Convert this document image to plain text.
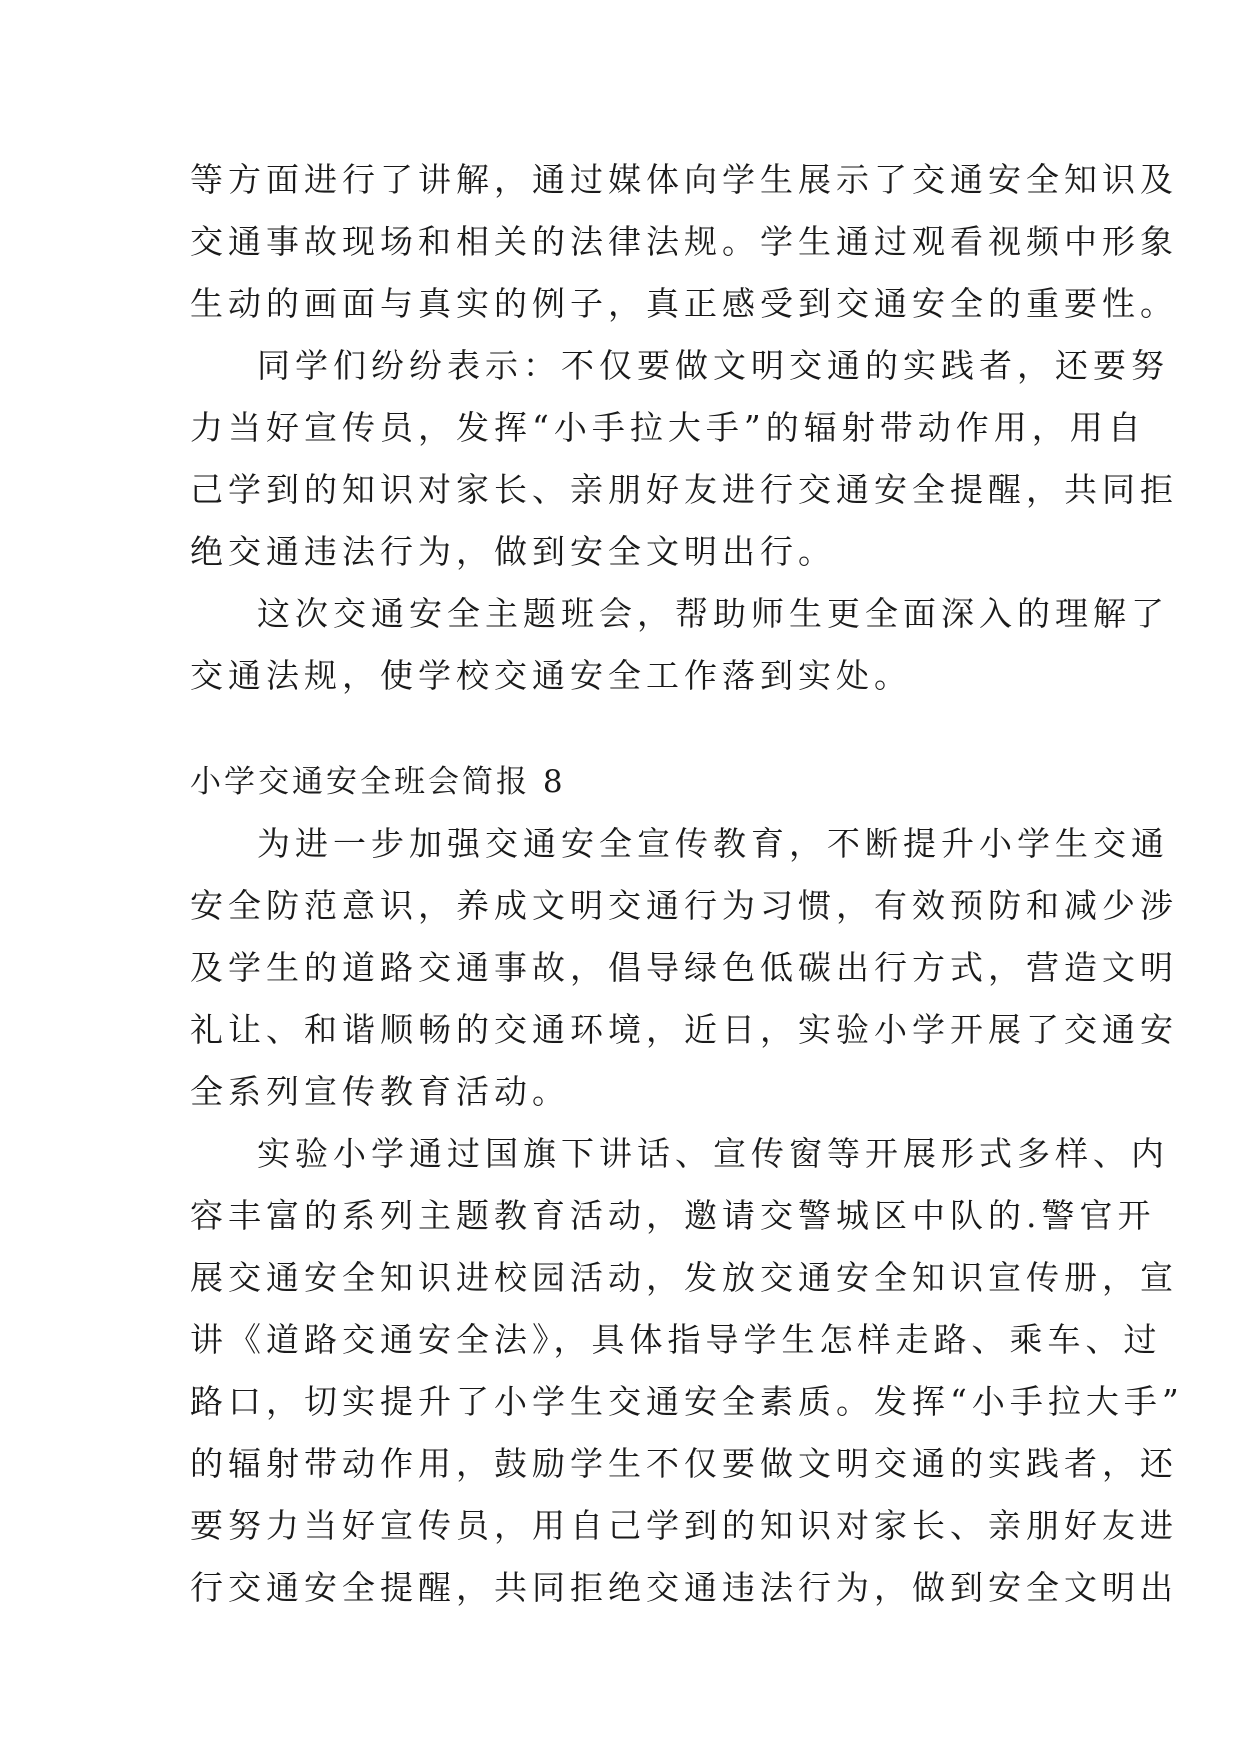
等方面进行了讲解，通过媒体向学生展示了交通安全知识及
交通事故现场和相关的法律法规。学生通过观看视频中形象
生动的画面与真实的例子，真正感受到交通安全的重要性。
同学们纷纷表示：不仅要做文明交通的实践者，还要努
力当好宣传员，发挥“小手拉大手”的辐射带动作用，用自
己学到的知识对家长、亲朋好友进行交通安全提醒，共同拒
绝交通违法行为，做到安全文明出行。
这次交通安全主题班会，帮助师生更全面深入的理解了
交通法规，使学校交通安全工作落到实处。
小学交通安全班会简报 8
为进一步加强交通安全宣传教育，不断提升小学生交通
安全防范意识，养成文明交通行为习惯，有效预防和减少涉
及学生的道路交通事故，倡导绿色低碳出行方式，营造文明
礼让、和谐顺畅的交通环境，近日，实验小学开展了交通安
全系列宣传教育活动。
实验小学通过国旗下讲话、宣传窗等开展形式多样、内
容丰富的系列主题教育活动，邀请交警城区中队的.警官开
展交通安全知识进校园活动，发放交通安全知识宣传册，宣
讲《道路交通安全法》，具体指导学生怎样走路、乘车、过
路口，切实提升了小学生交通安全素质。发挥“小手拉大手”
的辐射带动作用，鼓励学生不仅要做文明交通的实践者，还
要努力当好宣传员，用自己学到的知识对家长、亲朋好友进
行交通安全提醒，共同拒绝交通违法行为，做到安全文明出
